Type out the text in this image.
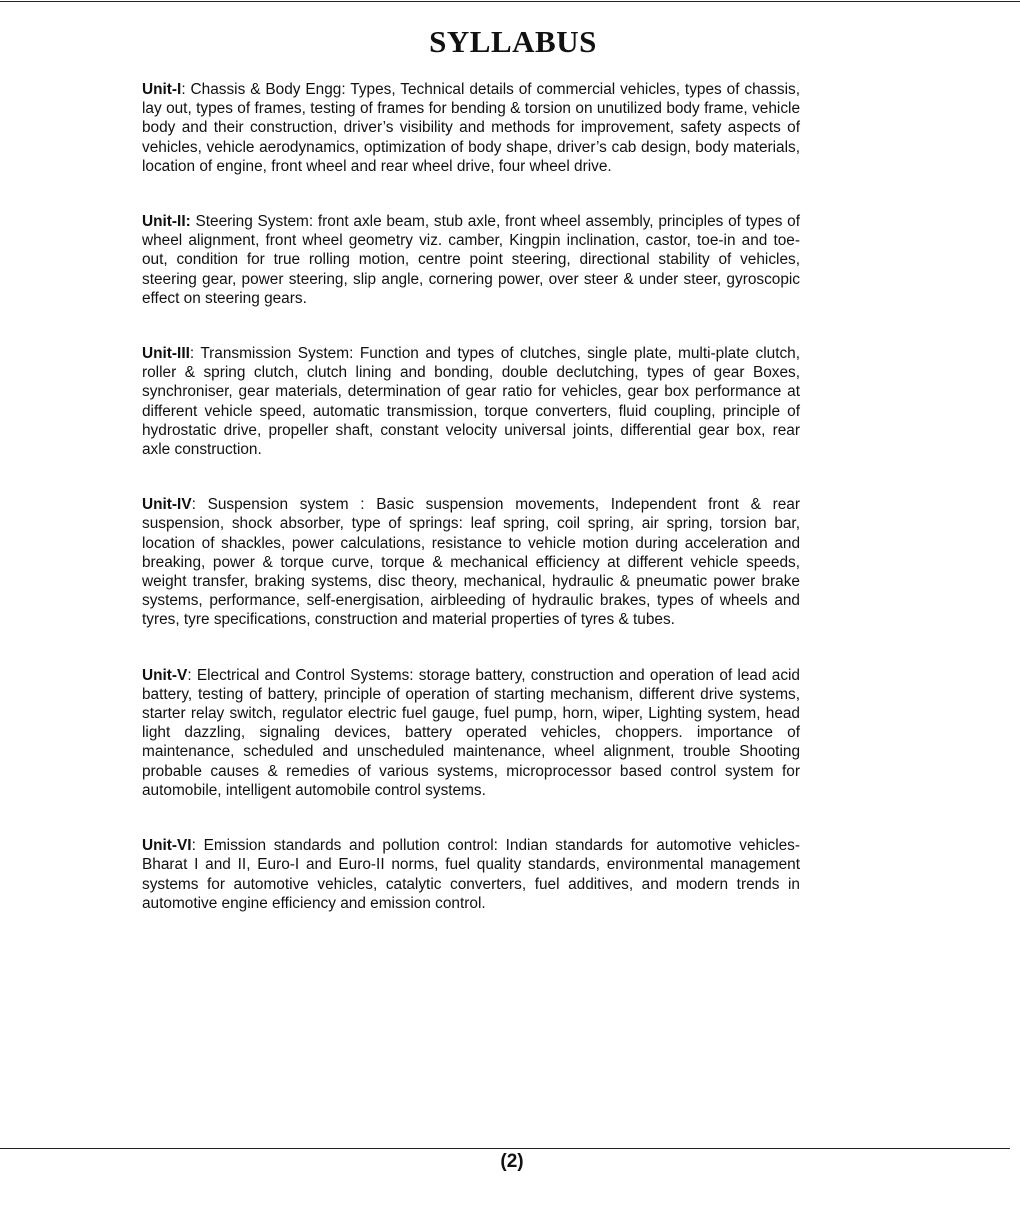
SYLLABUS

Unit-I: Chassis & Body Engg: Types, Technical details of commercial vehicles, types of chassis, lay out, types of frames, testing of frames for bending & torsion on unutilized body frame, vehicle body and their construction, driver’s visibility and methods for improvement, safety aspects of vehicles, vehicle aerodynamics, optimization of body shape, driver’s cab design, body materials, location of engine, front wheel and rear wheel drive, four wheel drive.

Unit-II: Steering System: front axle beam, stub axle, front wheel assembly, principles of types of wheel alignment, front wheel geometry viz. camber, Kingpin inclination, castor, toe-in and toe-out, condition for true rolling motion, centre point steering, directional stability of vehicles, steering gear, power steering, slip angle, cornering power, over steer & under steer, gyroscopic effect on steering gears.

Unit-III: Transmission System: Function and types of clutches, single plate, multi-plate clutch, roller & spring clutch, clutch lining and bonding, double declutching, types of gear Boxes, synchroniser, gear materials, determination of gear ratio for vehicles, gear box performance at different vehicle speed, automatic transmission, torque converters, fluid coupling, principle of hydrostatic drive, propeller shaft, constant velocity universal joints, differential gear box, rear axle construction.

Unit-IV: Suspension system : Basic suspension movements, Independent front & rear suspension, shock absorber, type of springs: leaf spring, coil spring, air spring, torsion bar, location of shackles, power calculations, resistance to vehicle motion during acceleration and breaking, power & torque curve, torque & mechanical efficiency at different vehicle speeds, weight transfer, braking systems, disc theory, mechanical, hydraulic & pneumatic power brake systems, performance, self-energisation, airbleeding of hydraulic brakes, types of wheels and tyres, tyre specifications, construction and material properties of tyres & tubes.

Unit-V: Electrical and Control Systems: storage battery, construction and operation of lead acid battery, testing of battery, principle of operation of starting mechanism, different drive systems, starter relay switch, regulator electric fuel gauge, fuel pump, horn, wiper, Lighting system, head light dazzling, signaling devices, battery operated vehicles, choppers. importance of maintenance, scheduled and unscheduled maintenance, wheel alignment, trouble Shooting probable causes & remedies of various systems, microprocessor based control system for automobile, intelligent automobile control systems.

Unit-VI: Emission standards and pollution control: Indian standards for automotive vehicles-Bharat I and II, Euro-I and Euro-II norms, fuel quality standards, environmental management systems for automotive vehicles, catalytic converters, fuel additives, and modern trends in automotive engine efficiency and emission control.

(2)
